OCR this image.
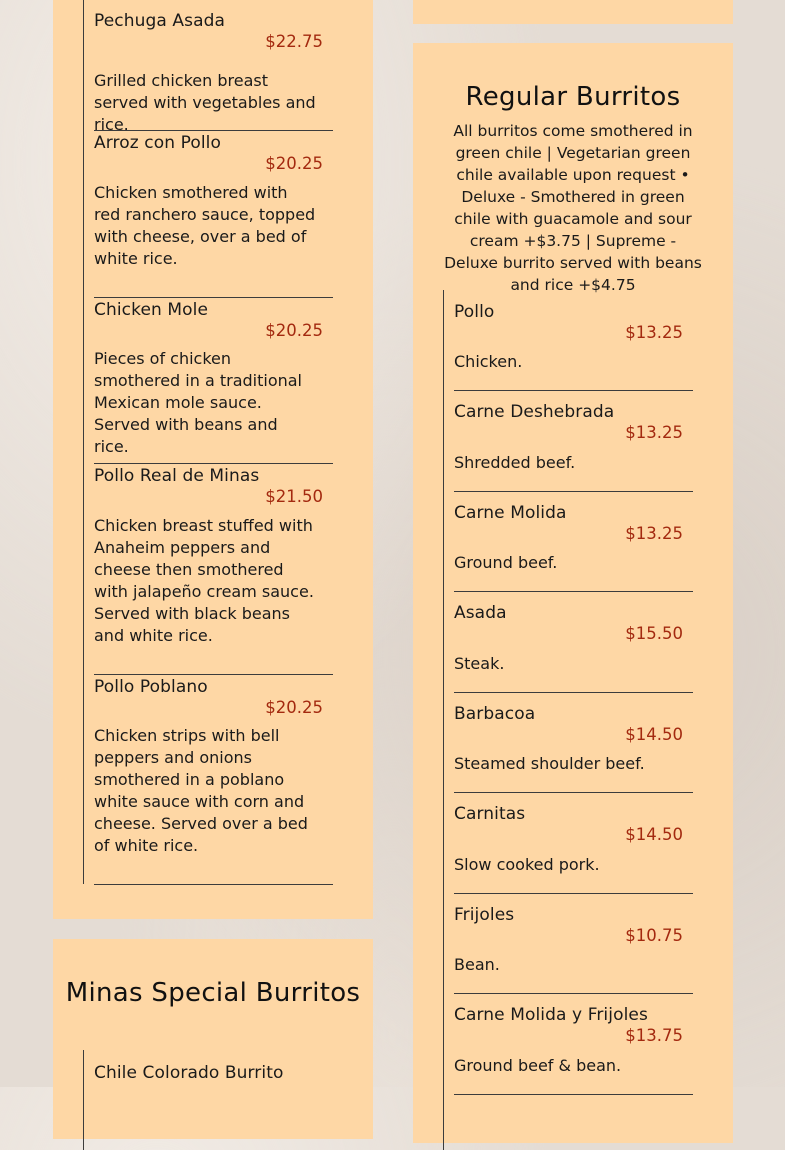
Pechuga Asada
$22.75
Grilled chicken breast served with vegetables and rice.
Arroz con Pollo
$20.25
Chicken smothered with red ranchero sauce, topped with cheese, over a bed of white rice.
Chicken Mole
$20.25
Pieces of chicken smothered in a traditional Mexican mole sauce. Served with beans and rice.
Pollo Real de Minas
$21.50
Chicken breast stuffed with Anaheim peppers and cheese then smothered with jalapeño cream sauce. Served with black beans and white rice.
Pollo Poblano
$20.25
Chicken strips with bell peppers and onions smothered in a poblano white sauce with corn and cheese. Served over a bed of white rice.
Minas Special Burritos
Chile Colorado Burrito
Regular Burritos
All burritos come smothered in green chile | Vegetarian green chile available upon request • Deluxe - Smothered in green chile with guacamole and sour cream +$3.75 | Supreme - Deluxe burrito served with beans and rice +$4.75
Pollo
$13.25
Chicken.
Carne Deshebrada
$13.25
Shredded beef.
Carne Molida
$13.25
Ground beef.
Asada
$15.50
Steak.
Barbacoa
$14.50
Steamed shoulder beef.
Carnitas
$14.50
Slow cooked pork.
Frijoles
$10.75
Bean.
Carne Molida y Frijoles
$13.75
Ground beef & bean.
